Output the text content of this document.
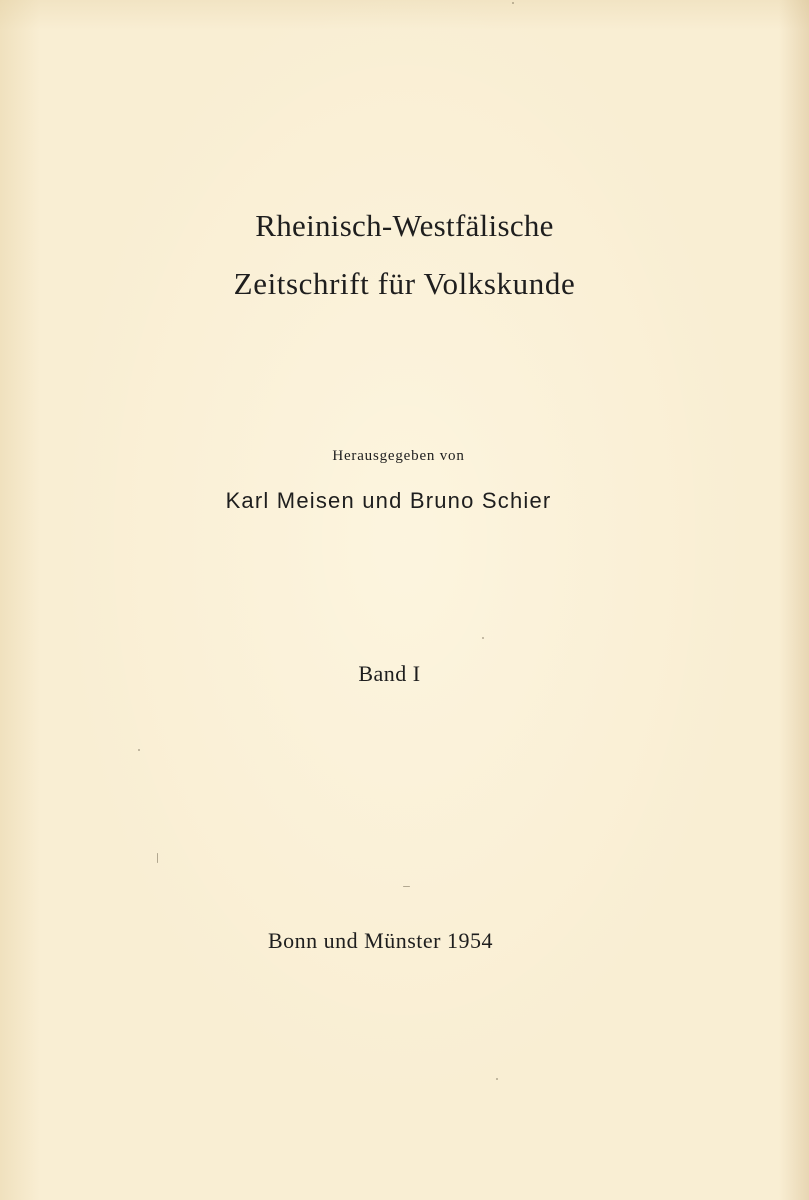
Rheinisch-Westfälische
Zeitschrift für Volkskunde
Herausgegeben von
Karl Meisen und Bruno Schier
Band I
Bonn und Münster 1954
